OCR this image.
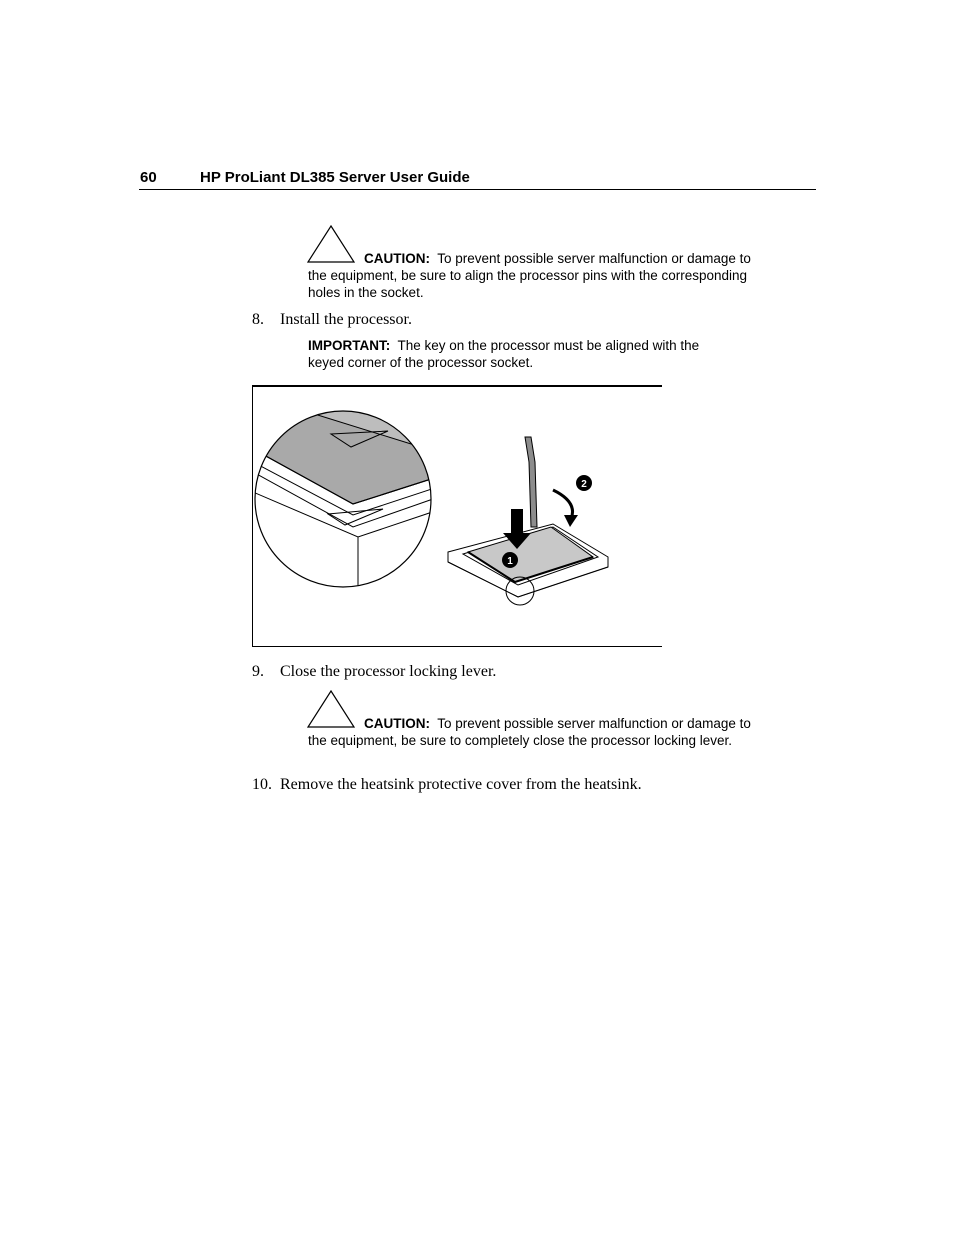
60	HP ProLiant DL385 Server User Guide
CAUTION: To prevent possible server malfunction or damage to the equipment, be sure to align the processor pins with the corresponding holes in the socket.
8. Install the processor.
IMPORTANT: The key on the processor must be aligned with the keyed corner of the processor socket.
1
2
9. Close the processor locking lever.
CAUTION: To prevent possible server malfunction or damage to the equipment, be sure to completely close the processor locking lever.
10. Remove the heatsink protective cover from the heatsink.
